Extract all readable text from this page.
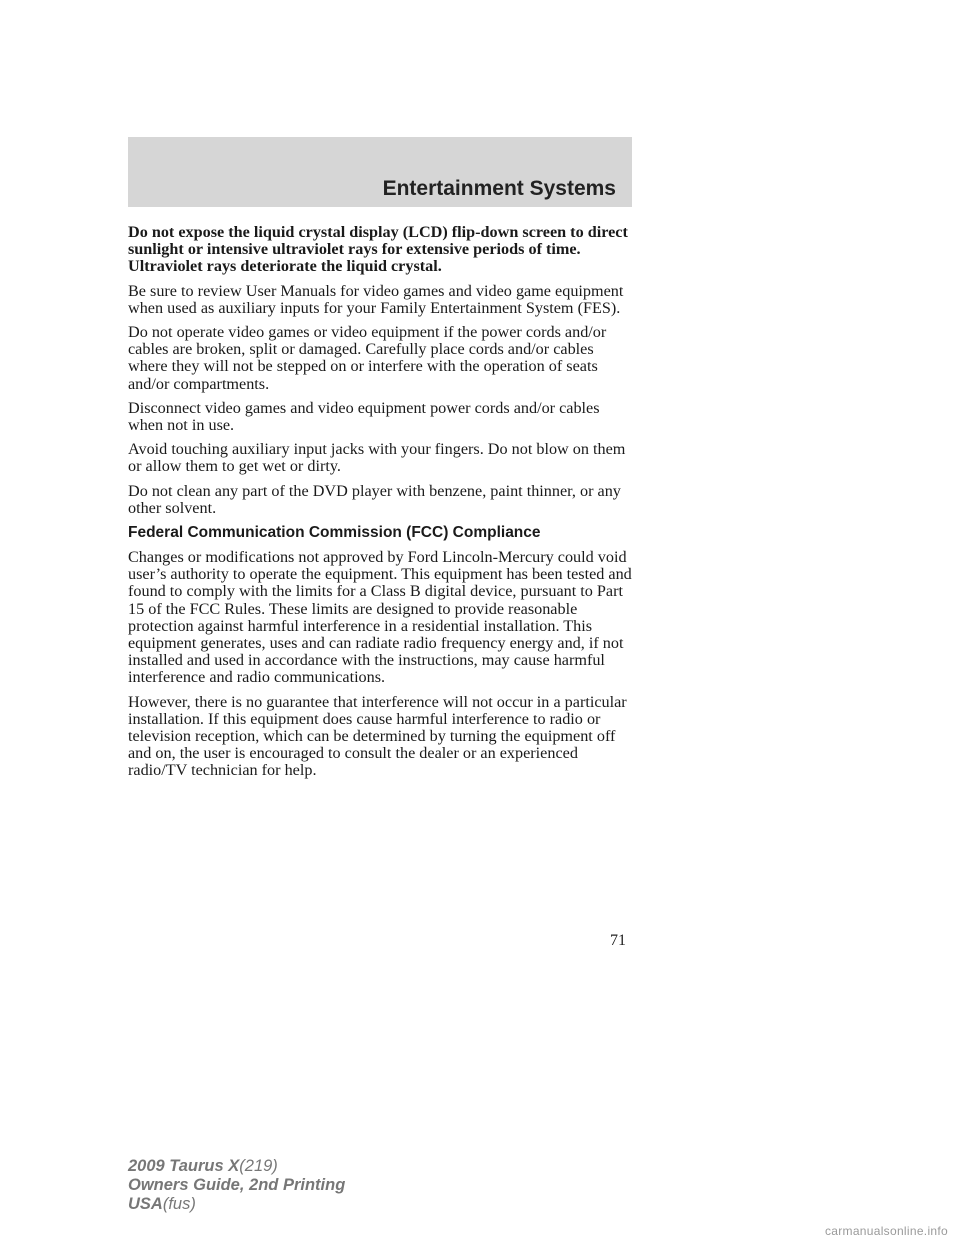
Entertainment Systems

Do not expose the liquid crystal display (LCD) flip-down screen to direct sunlight or intensive ultraviolet rays for extensive periods of time. Ultraviolet rays deteriorate the liquid crystal.

Be sure to review User Manuals for video games and video game equipment when used as auxiliary inputs for your Family Entertainment System (FES).

Do not operate video games or video equipment if the power cords and/or cables are broken, split or damaged. Carefully place cords and/or cables where they will not be stepped on or interfere with the operation of seats and/or compartments.

Disconnect video games and video equipment power cords and/or cables when not in use.

Avoid touching auxiliary input jacks with your fingers. Do not blow on them or allow them to get wet or dirty.

Do not clean any part of the DVD player with benzene, paint thinner, or any other solvent.

Federal Communication Commission (FCC) Compliance

Changes or modifications not approved by Ford Lincoln-Mercury could void user’s authority to operate the equipment. This equipment has been tested and found to comply with the limits for a Class B digital device, pursuant to Part 15 of the FCC Rules. These limits are designed to provide reasonable protection against harmful interference in a residential installation. This equipment generates, uses and can radiate radio frequency energy and, if not installed and used in accordance with the instructions, may cause harmful interference and radio communications.

However, there is no guarantee that interference will not occur in a particular installation. If this equipment does cause harmful interference to radio or television reception, which can be determined by turning the equipment off and on, the user is encouraged to consult the dealer or an experienced radio/TV technician for help.

71
2009 Taurus X(219)
Owners Guide, 2nd Printing
USA(fus)
carmanualsonline.info
